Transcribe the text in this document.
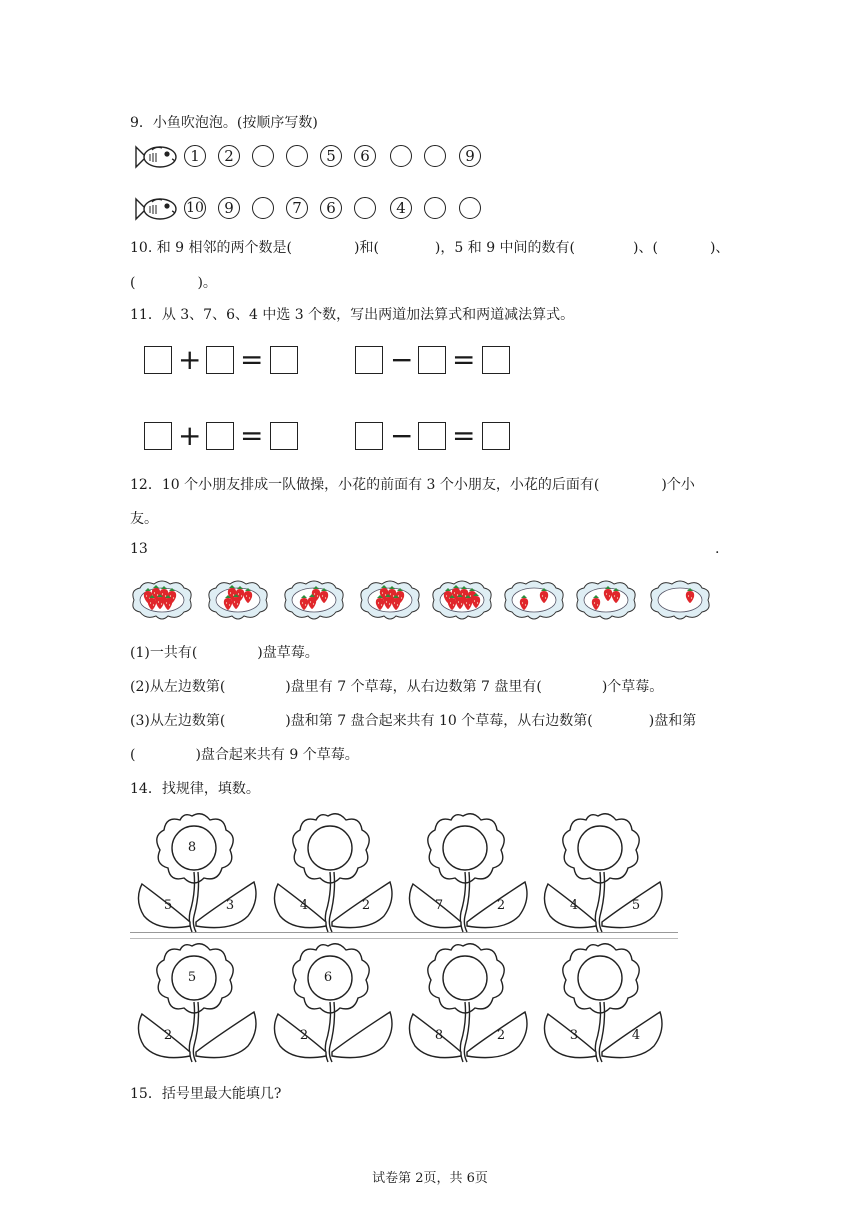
9．小鱼吹泡泡。(按顺序写数)
1	2	5	6	9
10	9	7	6	4
10. 和 9 相邻的两个数是(	)和(	)，5 和 9 中间的数有(	)、(	)、
(	)。
11．从 3、7、6、4 中选 3 个数，写出两道加法算式和两道减法算式。
+ =	− =
+ =	− =
12．10 个小朋友排成一队做操，小花的前面有 3 个小朋友，小花的后面有(	)个小
友。
13	.
(1)一共有(	)盘草莓。
(2)从左边数第(	)盘里有 7 个草莓，从右边数第 7 盘里有(	)个草莓。
(3)从左边数第(	)盘和第 7 盘合起来共有 10 个草莓，从右边数第(	)盘和第
(	)盘合起来共有 9 个草莓。
14．找规律，填数。
8
5	3	4	2	7	2	4	5
5
2
6
2	8	2	3	4
15．括号里最大能填几?
试卷第 2页，共 6页
